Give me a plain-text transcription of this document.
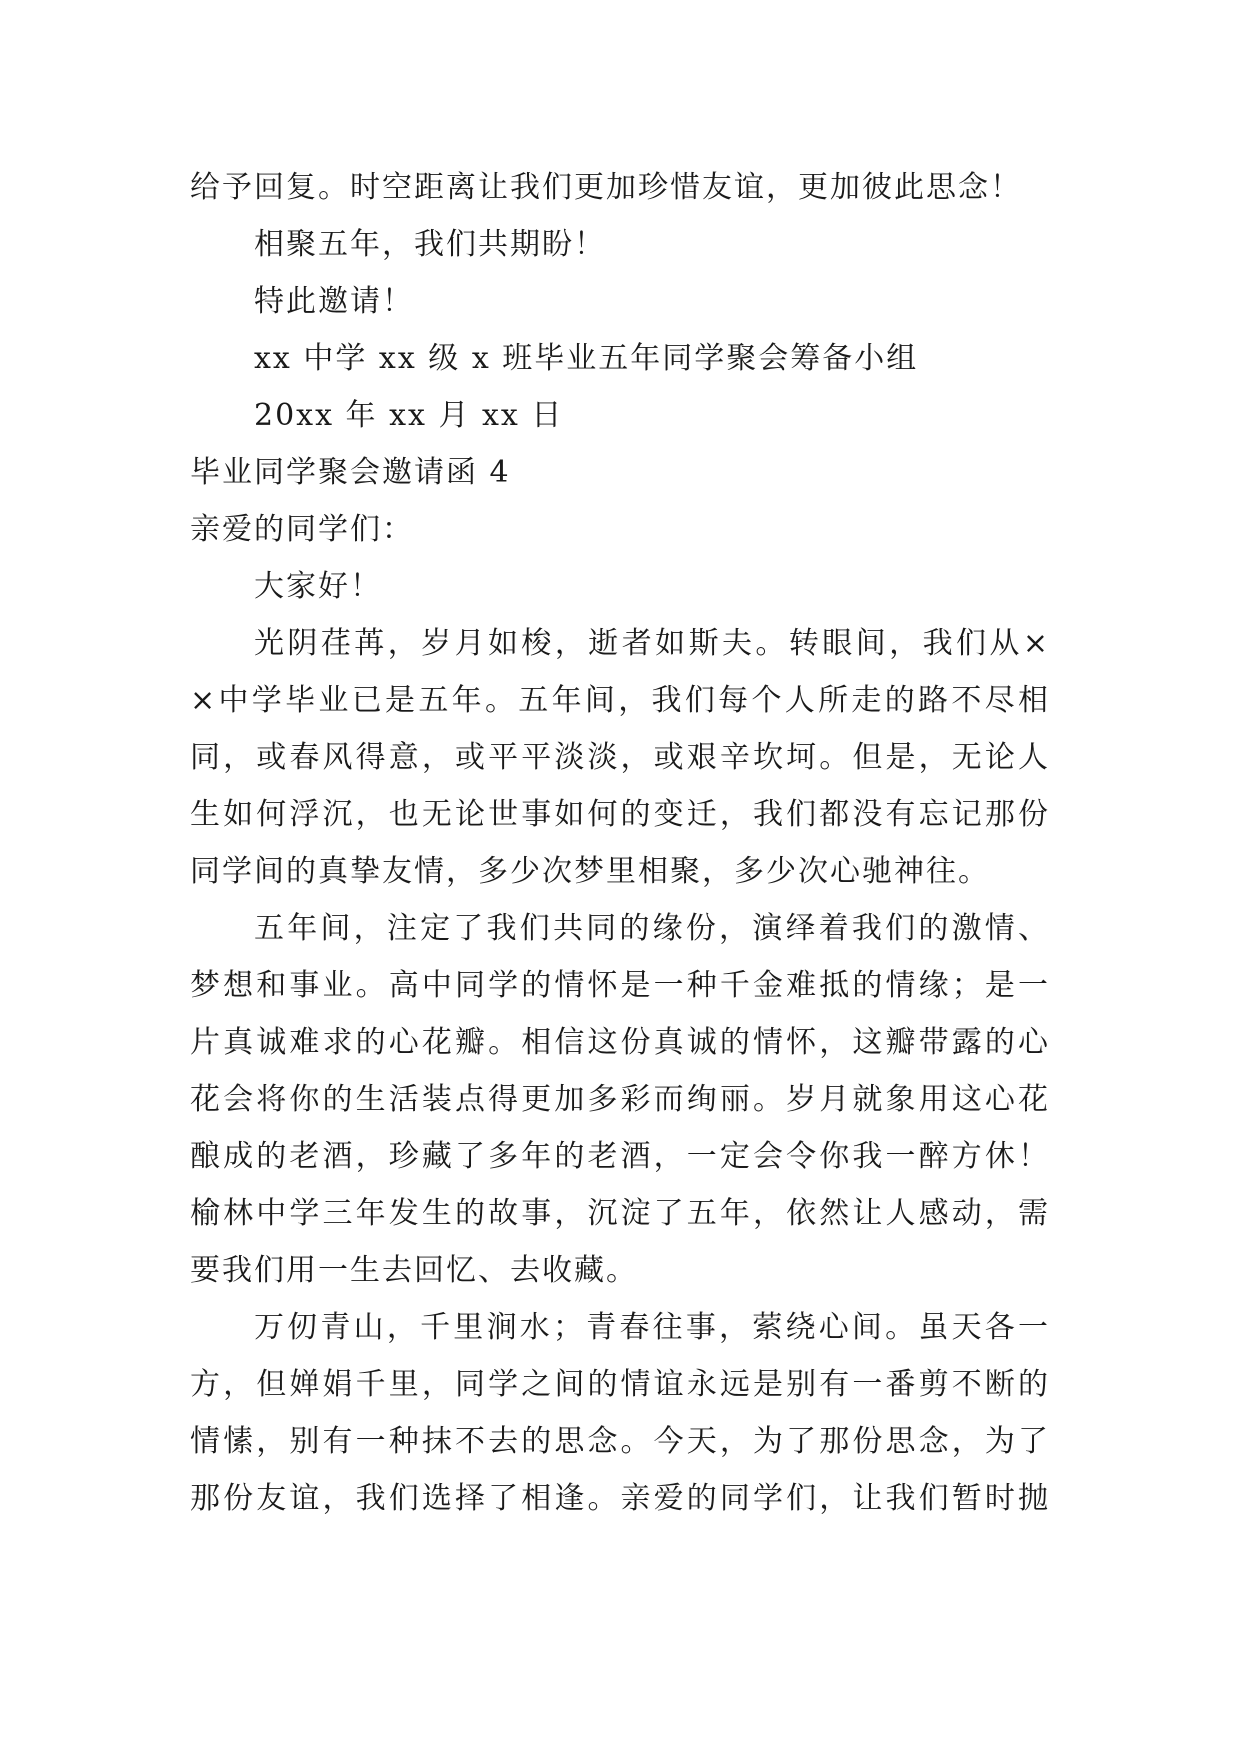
给予回复。时空距离让我们更加珍惜友谊，更加彼此思念！
相聚五年，我们共期盼！
特此邀请！
xx 中学 xx 级 x 班毕业五年同学聚会筹备小组
20xx 年 xx 月 xx 日
毕业同学聚会邀请函 4
亲爱的同学们：
大家好！
光阴荏苒，岁月如梭，逝者如斯夫。转眼间，我们从×
×中学毕业已是五年。五年间，我们每个人所走的路不尽相
同，或春风得意，或平平淡淡，或艰辛坎坷。但是，无论人
生如何浮沉，也无论世事如何的变迁，我们都没有忘记那份
同学间的真挚友情，多少次梦里相聚，多少次心驰神往。
五年间，注定了我们共同的缘份，演绎着我们的激情、
梦想和事业。高中同学的情怀是一种千金难抵的情缘；是一
片真诚难求的心花瓣。相信这份真诚的情怀，这瓣带露的心
花会将你的生活装点得更加多彩而绚丽。岁月就象用这心花
酿成的老酒，珍藏了多年的老酒，一定会令你我一醉方休！
榆林中学三年发生的故事，沉淀了五年，依然让人感动，需
要我们用一生去回忆、去收藏。
万仞青山，千里涧水；青春往事，萦绕心间。虽天各一
方，但婵娟千里，同学之间的情谊永远是别有一番剪不断的
情愫，别有一种抹不去的思念。今天，为了那份思念，为了
那份友谊，我们选择了相逢。亲爱的同学们，让我们暂时抛
